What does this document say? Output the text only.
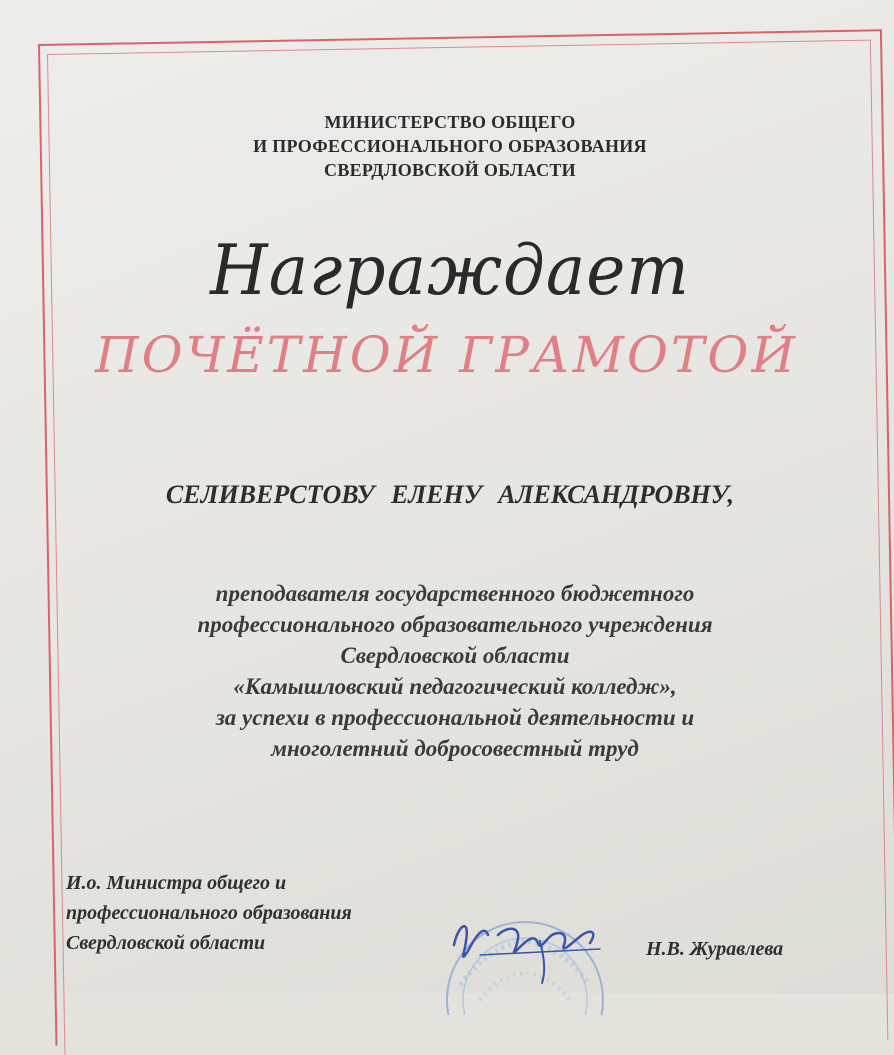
МИНИСТЕРСТВО ОБЩЕГО
И ПРОФЕССИОНАЛЬНОГО ОБРАЗОВАНИЯ
СВЕРДЛОВСКОЙ ОБЛАСТИ
Награждает
ПОЧЁТНОЙ ГРАМОТОЙ
СЕЛИВЕРСТОВУ ЕЛЕНУ АЛЕКСАНДРОВНУ,
преподавателя государственного бюджетного
профессионального образовательного учреждения
Свердловской области
«Камышловский педагогический колледж»,
за успехи в профессиональной деятельности и
многолетний добросовестный труд
И.о. Министра общего и
профессионального образования
Свердловской области	Н.В. Журавлева
